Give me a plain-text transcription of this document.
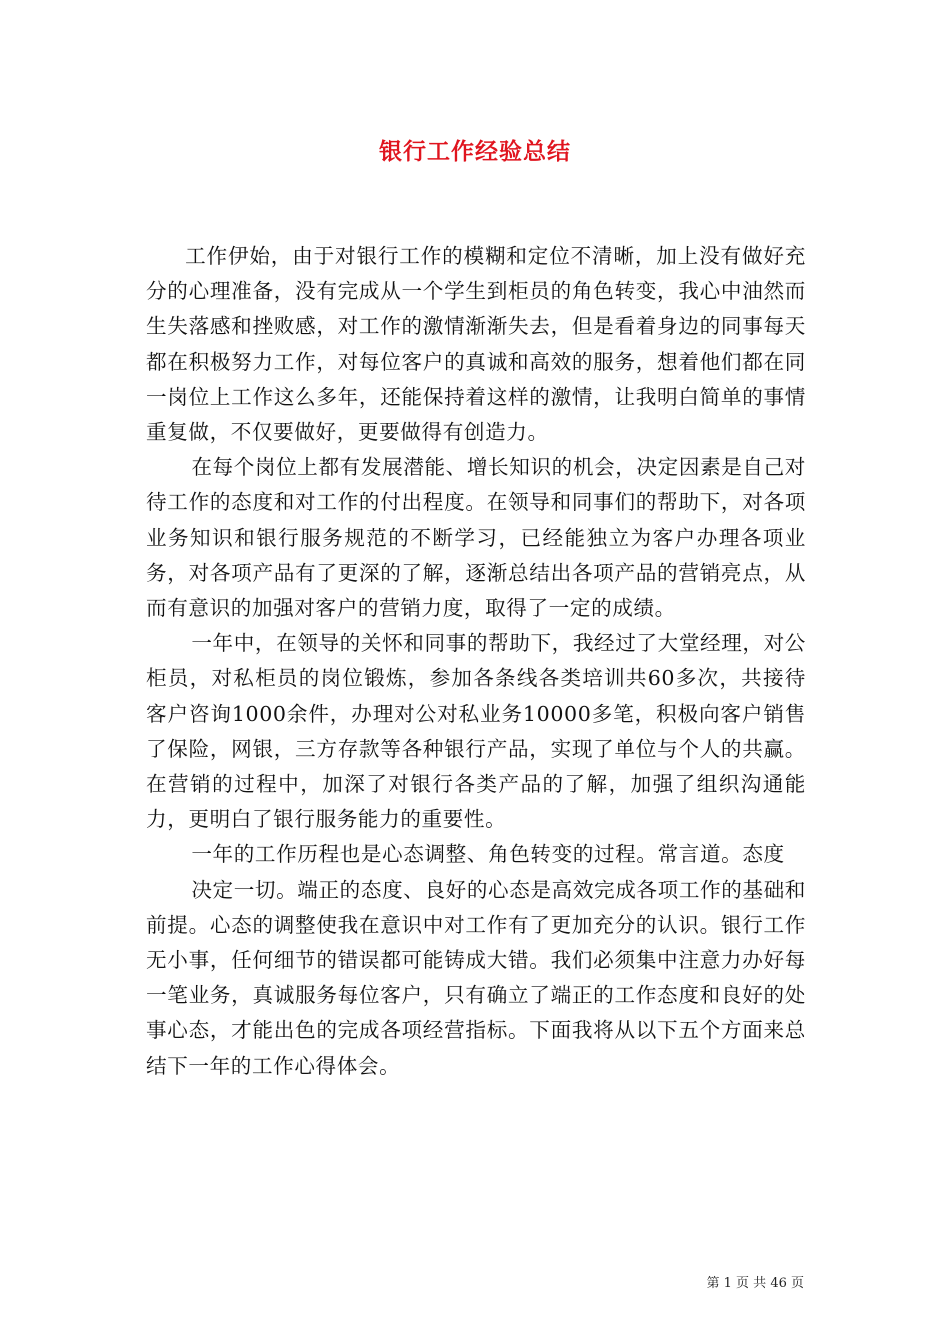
银行工作经验总结

工作伊始，由于对银行工作的模糊和定位不清晰，加上没有做好充分的心理准备，没有完成从一个学生到柜员的角色转变，我心中油然而生失落感和挫败感，对工作的激情渐渐失去，但是看着身边的同事每天都在积极努力工作，对每位客户的真诚和高效的服务，想着他们都在同一岗位上工作这么多年，还能保持着这样的激情，让我明白简单的事情重复做，不仅要做好，更要做得有创造力。

在每个岗位上都有发展潜能、增长知识的机会，决定因素是自己对待工作的态度和对工作的付出程度。在领导和同事们的帮助下，对各项业务知识和银行服务规范的不断学习，已经能独立为客户办理各项业务，对各项产品有了更深的了解，逐渐总结出各项产品的营销亮点，从而有意识的加强对客户的营销力度，取得了一定的成绩。

一年中，在领导的关怀和同事的帮助下，我经过了大堂经理，对公柜员，对私柜员的岗位锻炼，参加各条线各类培训共60多次，共接待客户咨询1000余件，办理对公对私业务10000多笔，积极向客户销售了保险，网银，三方存款等各种银行产品，实现了单位与个人的共赢。在营销的过程中，加深了对银行各类产品的了解，加强了组织沟通能力，更明白了银行服务能力的重要性。

一年的工作历程也是心态调整、角色转变的过程。常言道。态度

决定一切。端正的态度、良好的心态是高效完成各项工作的基础和前提。心态的调整使我在意识中对工作有了更加充分的认识。银行工作无小事，任何细节的错误都可能铸成大错。我们必须集中注意力办好每一笔业务，真诚服务每位客户，只有确立了端正的工作态度和良好的处事心态，才能出色的完成各项经营指标。下面我将从以下五个方面来总结下一年的工作心得体会。

第 1 页 共 46 页
